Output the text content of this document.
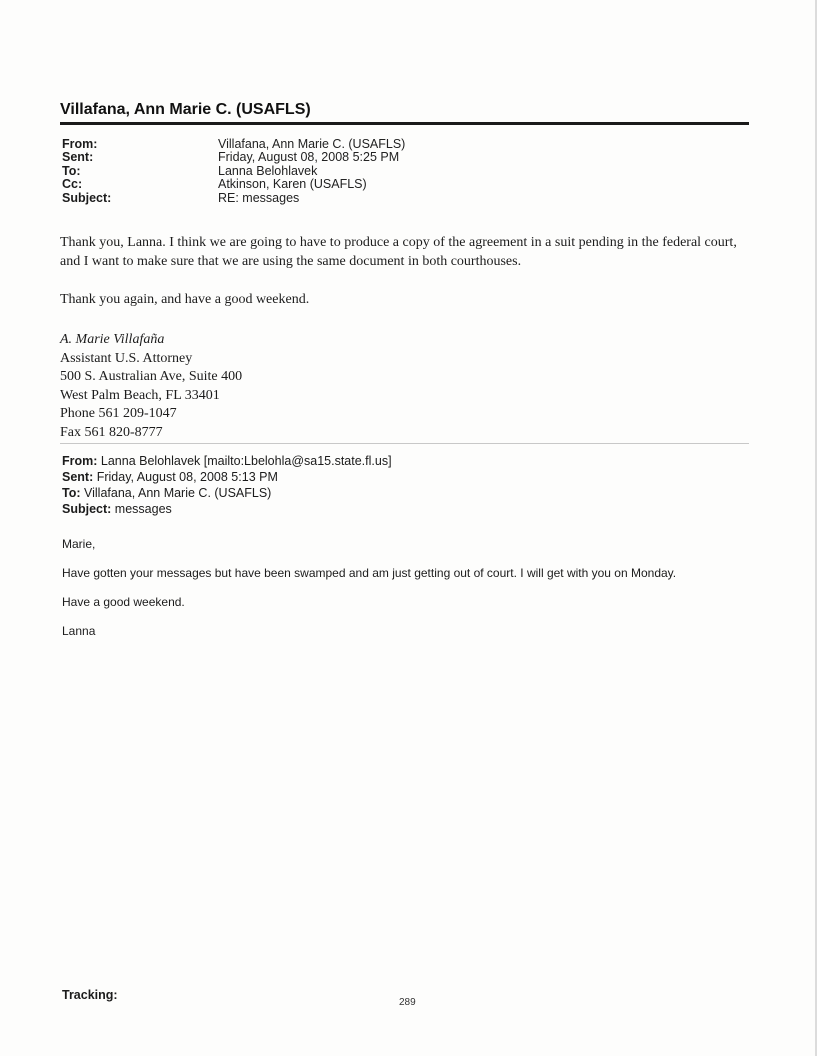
Villafana, Ann Marie C. (USAFLS)
From:	Villafana, Ann Marie C. (USAFLS)
Sent:	Friday, August 08, 2008 5:25 PM
To:	Lanna Belohlavek
Cc:	Atkinson, Karen (USAFLS)
Subject:	RE: messages

Thank you, Lanna. I think we are going to have to produce a copy of the agreement in a suit pending in the federal court, and I want to make sure that we are using the same document in both courthouses.

Thank you again, and have a good weekend.

A. Marie Villafaña
Assistant U.S. Attorney
500 S. Australian Ave, Suite 400
West Palm Beach, FL 33401
Phone 561 209-1047
Fax 561 820-8777
From: Lanna Belohlavek [mailto:Lbelohla@sa15.state.fl.us]
Sent: Friday, August 08, 2008 5:13 PM
To: Villafana, Ann Marie C. (USAFLS)
Subject: messages

Marie,

Have gotten your messages but have been swamped and am just getting out of court. I will get with you on Monday.

Have a good weekend.

Lanna

Tracking:
289
